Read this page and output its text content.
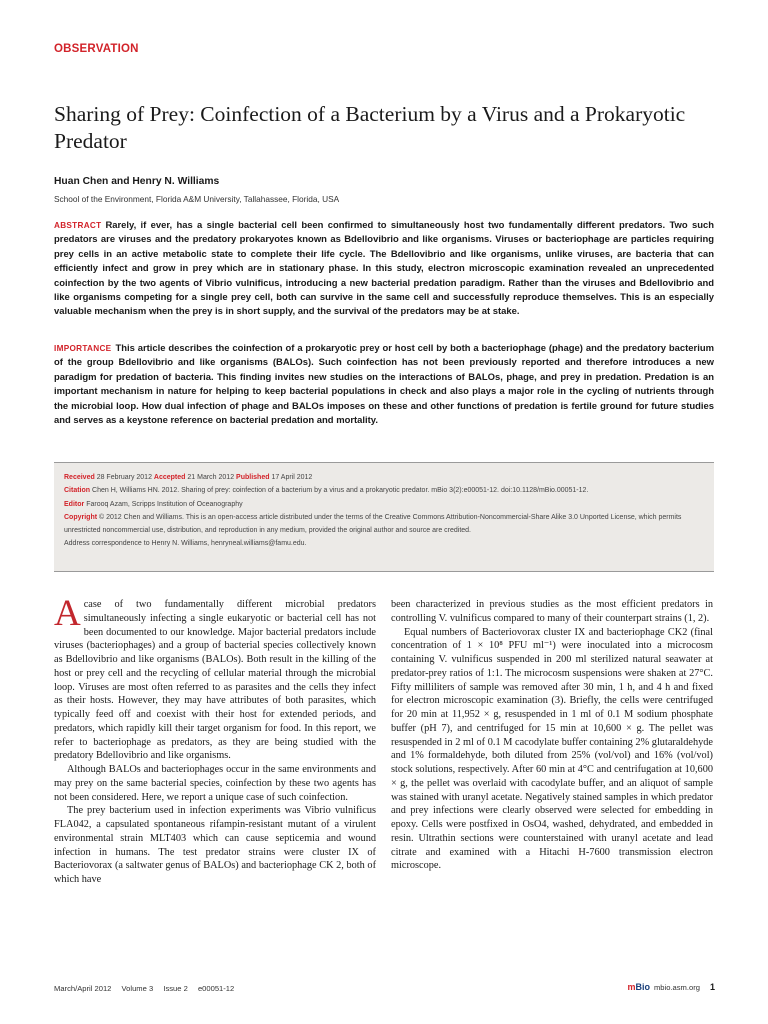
OBSERVATION
Sharing of Prey: Coinfection of a Bacterium by a Virus and a Prokaryotic Predator
Huan Chen and Henry N. Williams
School of the Environment, Florida A&M University, Tallahassee, Florida, USA

ABSTRACT Rarely, if ever, has a single bacterial cell been confirmed to simultaneously host two fundamentally different predators. Two such predators are viruses and the predatory prokaryotes known as Bdellovibrio and like organisms. Viruses or bacteriophage are particles requiring prey cells in an active metabolic state to complete their life cycle. The Bdellovibrio and like organisms, unlike viruses, are bacteria that can efficiently infect and grow in prey which are in stationary phase. In this study, electron microscopic examination revealed an unprecedented coinfection by the two agents of Vibrio vulnificus, introducing a new bacterial predation paradigm. Rather than the viruses and Bdellovibrio and like organisms competing for a single prey cell, both can survive in the same cell and successfully reproduce themselves. This is an especially valuable mechanism when the prey is in short supply, and the survival of the predators may be at stake.

IMPORTANCE This article describes the coinfection of a prokaryotic prey or host cell by both a bacteriophage (phage) and the predatory bacterium of the group Bdellovibrio and like organisms (BALOs). Such coinfection has not been previously reported and therefore introduces a new paradigm for predation of bacteria. This finding invites new studies on the interactions of BALOs, phage, and prey in predation. Predation is an important mechanism in nature for helping to keep bacterial populations in check and also plays a major role in the cycling of nutrients through the microbial loop. How dual infection of phage and BALOs imposes on these and other functions of predation is fertile ground for future studies and serves as a keystone reference on bacterial predation and mortality.

Received 28 February 2012 Accepted 21 March 2012 Published 17 April 2012

Citation Chen H, Williams HN. 2012. Sharing of prey: coinfection of a bacterium by a virus and a prokaryotic predator. mBio 3(2):e00051-12. doi:10.1128/mBio.00051-12.

Editor Farooq Azam, Scripps Institution of Oceanography

Copyright © 2012 Chen and Williams. This is an open-access article distributed under the terms of the Creative Commons Attribution-Noncommercial-Share Alike 3.0 Unported License, which permits unrestricted noncommercial use, distribution, and reproduction in any medium, provided the original author and source are credited.

Address correspondence to Henry N. Williams, henryneal.williams@famu.edu.

Acase of two fundamentally different microbial predators simultaneously infecting a single eukaryotic or bacterial cell has not been documented to our knowledge. Major bacterial predators include viruses (bacteriophages) and a group of bacterial species collectively known as Bdellovibrio and like organisms (BALOs). Both result in the killing of the host or prey cell and the recycling of cellular material through the microbial loop. Viruses are most often referred to as parasites and the cells they infect as their hosts. However, they may have attributes of both parasites, which typically feed off and coexist with their host for extended periods, and predators, which rapidly kill their target organism for food. In this report, we refer to bacteriophage as predators, as they are being studied with the predatory Bdellovibrio and like organisms.

Although BALOs and bacteriophages occur in the same environments and may prey on the same bacterial species, coinfection by these two agents has not been considered. Here, we report a unique case of such coinfection.

The prey bacterium used in infection experiments was Vibrio vulnificus FLA042, a capsulated spontaneous rifampin-resistant mutant of a virulent environmental strain MLT403 which can cause septicemia and wound infection in humans. The test predator strains were cluster IX of Bacteriovorax (a saltwater genus of BALOs) and bacteriophage CK 2, both of which have

been characterized in previous studies as the most efficient predators in controlling V. vulnificus compared to many of their counterpart strains (1, 2).

Equal numbers of Bacteriovorax cluster IX and bacteriophage CK2 (final concentration of 1 × 10⁸ PFU ml⁻¹) were inoculated into a microcosm containing V. vulnificus suspended in 200 ml sterilized natural seawater at predator-prey ratios of 1:1. The microcosm suspensions were shaken at 27°C. Fifty milliliters of sample was removed after 30 min, 1 h, and 4 h and fixed for electron microscopic examination (3). Briefly, the cells were centrifuged for 20 min at 11,952 × g, resuspended in 1 ml of 0.1 M sodium phosphate buffer (pH 7), and centrifuged for 15 min at 10,600 × g. The pellet was resuspended in 2 ml of 0.1 M cacodylate buffer containing 2% glutaraldehyde and 1% formaldehyde, both diluted from 25% (vol/vol) and 16% (vol/vol) stock solutions, respectively. After 60 min at 4°C and centrifugation at 10,600 × g, the pellet was overlaid with cacodylate buffer, and an aliquot of sample was stained with uranyl acetate. Negatively stained samples in which predator and prey infections were clearly observed were selected for embedding in epoxy. Cells were postfixed in OsO4, washed, dehydrated, and embedded in resin. Ultrathin sections were counterstained with uranyl acetate and lead citrate and examined with a Hitachi H-7600 transmission electron microscope.

March/April 2012 Volume 3 Issue 2 e00051-12	mBio mbio.asm.org 1
